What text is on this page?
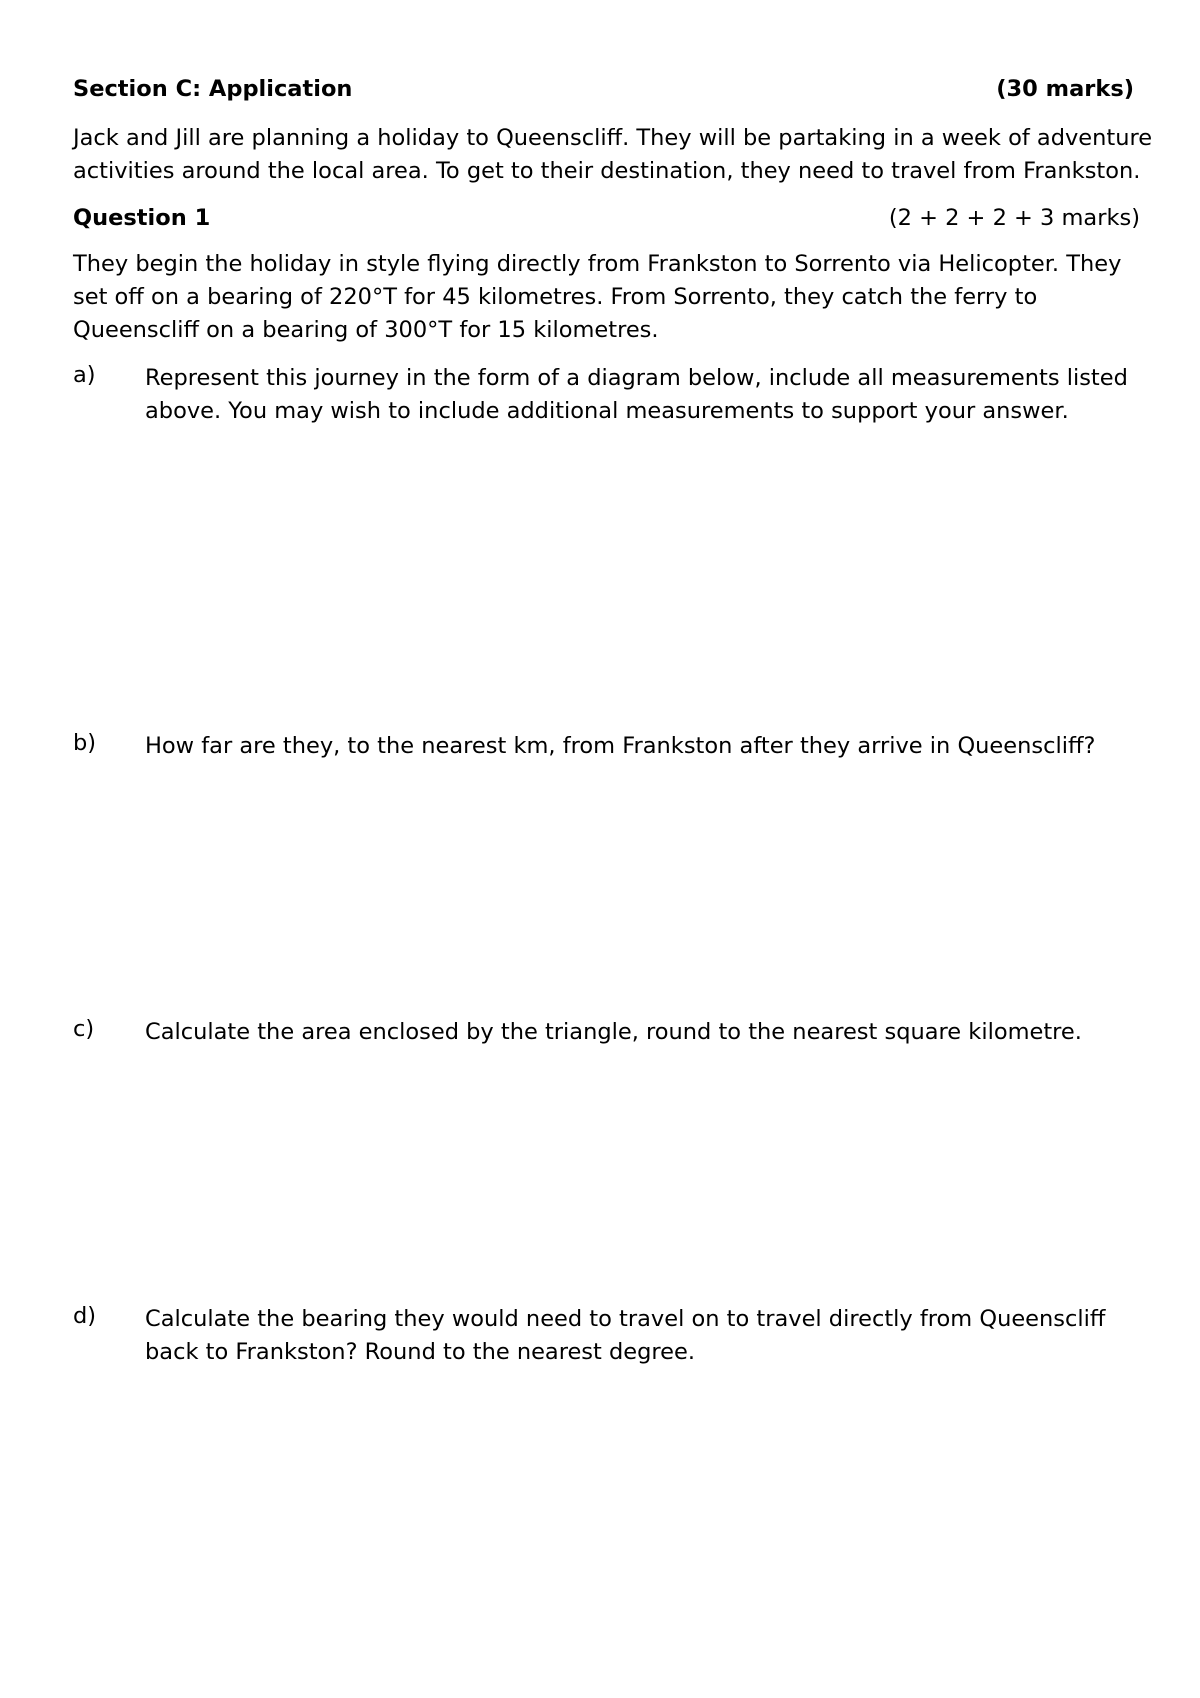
Section C: Application	(30 marks)
Jack and Jill are planning a holiday to Queenscliff. They will be partaking in a week of adventure activities around the local area. To get to their destination, they need to travel from Frankston.
Question 1	(2 + 2 + 2 + 3 marks)
They begin the holiday in style flying directly from Frankston to Sorrento via Helicopter. They set off on a bearing of 220°T for 45 kilometres. From Sorrento, they catch the ferry to Queenscliff on a bearing of 300°T for 15 kilometres.
a) Represent this journey in the form of a diagram below, include all measurements listed above. You may wish to include additional measurements to support your answer.
b) How far are they, to the nearest km, from Frankston after they arrive in Queenscliff?
c) Calculate the area enclosed by the triangle, round to the nearest square kilometre.
d) Calculate the bearing they would need to travel on to travel directly from Queenscliff back to Frankston? Round to the nearest degree.
